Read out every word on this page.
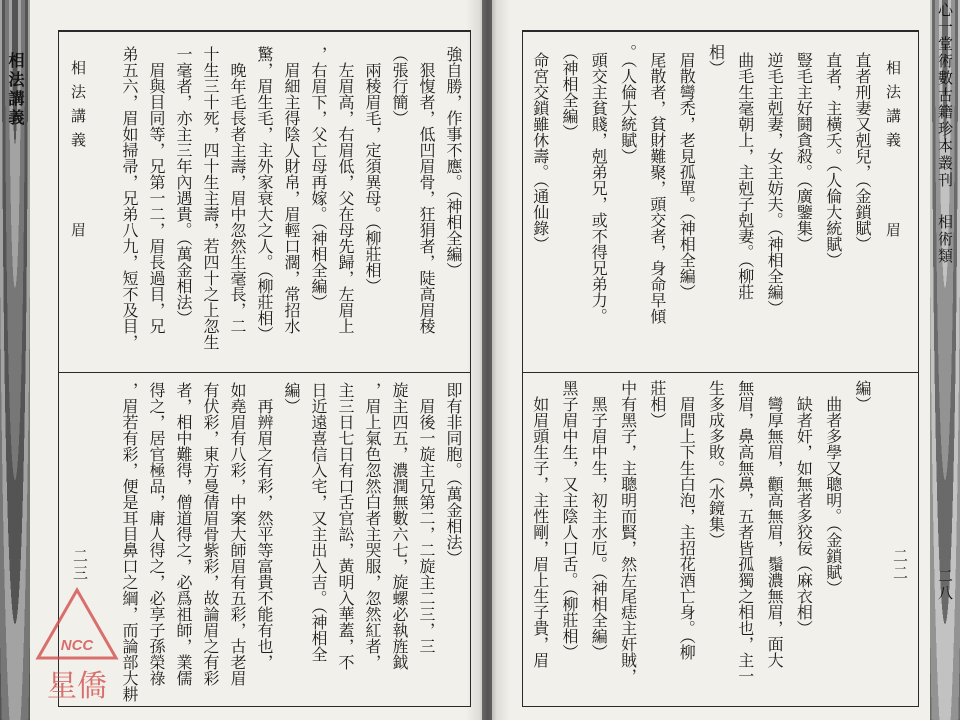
相法講義	心一堂術數古籍珍本叢刊
相術類
二八
相法講義
眉
相法講義
眉
二二
二三
NCC
星僑
直者刑妻又剋兒，（金鎖賦）
直者，主橫夭。（人倫大統賦）
豎毛主好鬪貪殺。（廣鑒集）
逆毛主剋妻，女主妨夫。（神相全編）
曲毛生毫朝上，主剋子剋妻。（柳莊
相）
眉散彎禿，老見孤單。（神相全編）
尾散者，貧財難聚，頭交者，身命早傾
。（人倫大統賦）
頭交主貧賤，剋弟兄，或不得兄弟力。
（神相全編）
命宮交鎖雖休壽。（通仙錄）
編）
曲者多學又聰明。（金鎖賦）
缺者奸，如無者多狡佞（麻衣相）
彎厚無眉，顴高無眉，鬚濃無眉，面大
無眉，鼻高無鼻，五者皆孤獨之相也，主一
生多成多敗。（水鏡集）
眉間上下生白泡，主招花酒亡身。（柳
莊相）
中有黑子，主聰明而賢，然左尾痣主奸賊，
黑子眉中生，初主水厄。（神相全編）
黑子眉中生，又主陰人口舌。（柳莊相）
如眉頭生子，主性剛，眉上生子貴，眉
強自勝，作事不應。（神相全編）
狠愎者，低凹眉骨，狂狷者，陡高眉稜
（張行簡）
兩稜眉毛，定須異母。（柳莊相）
左眉高，右眉低，父在母先歸，左眉上
，右眉下，父亡母再嫁。（神相全編）
眉細主得陰人財帛，眉輕口濶，常招水
驚，眉生毛，主外家衰大之人。（柳莊相）
晚年毛長者主壽，眉中忽然生毫長，二
十生三十死，四十生主壽，若四十之上忽生
一毫者，亦主三年內遇貴。（萬金相法）
眉與目同等，兄第一二，眉長過目，兄
弟五六，眉如掃帚，兄弟八九，短不及目，
即有非同胞。（萬金相法）
眉後一旋主兄第二，二旋主二三，三
旋主四五，濃潤無數六七，旋螺必執旌鉞
，眉上氣色忽然白者主哭服，忽然紅者，
主三日七日有口舌官訟，黃明入華蓋，不
日近遠喜信入宅，又主出入吉。（神相全
編）
再辨眉之有彩，然平等富貴不能有也，
如堯眉有八彩，中案大師眉有五彩，古老眉
有伏彩，東方曼倩眉骨紫彩，故論眉之有彩
者，相中難得，僧道得之，必爲祖師，業儒
得之，居官極品，庸人得之，必享子孫榮祿
，眉若有彩，便是耳目鼻口之綱，而論部大耕
